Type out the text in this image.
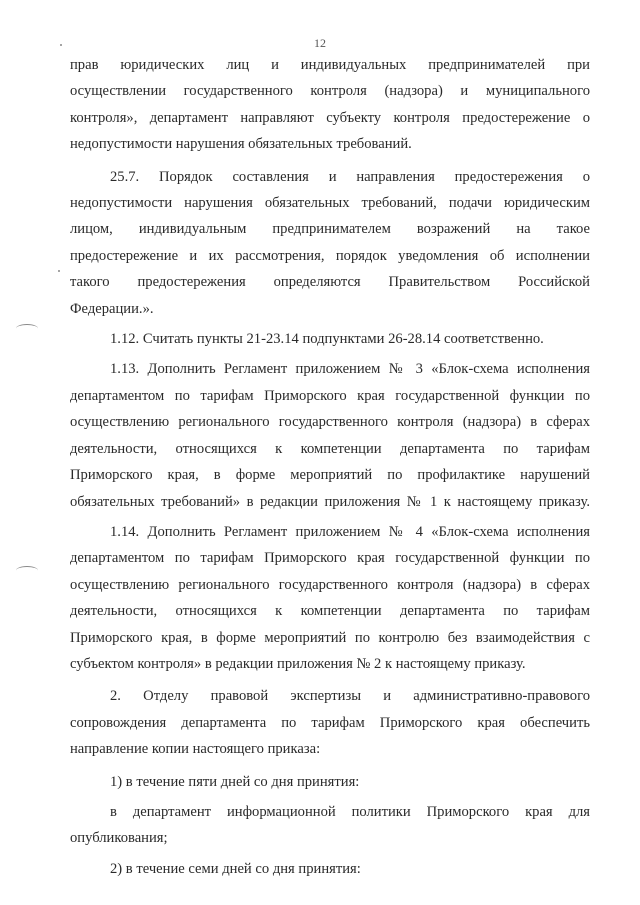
12

прав юридических лиц и индивидуальных предпринимателей при

осуществлении государственного контроля (надзора) и муниципального

контроля», департамент направляют субъекту контроля предостережение о

недопустимости нарушения обязательных требований.

25.7. Порядок составления и направления предостережения о

недопустимости нарушения обязательных требований, подачи юридическим

лицом, индивидуальным предпринимателем возражений на такое

предостережение и их рассмотрения, порядок уведомления об исполнении

такого предостережения определяются Правительством Российской

Федерации.».

1.12. Считать пункты 21-23.14 подпунктами 26-28.14 соответственно.

1.13. Дополнить Регламент приложением № 3 «Блок-схема исполнения

департаментом по тарифам Приморского края государственной функции по

осуществлению регионального государственного контроля (надзора) в сферах

деятельности, относящихся к компетенции департамента по тарифам

Приморского края, в форме мероприятий по профилактике нарушений

обязательных требований» в редакции приложения № 1 к настоящему приказу.

1.14. Дополнить Регламент приложением № 4 «Блок-схема исполнения

департаментом по тарифам Приморского края государственной функции по

осуществлению регионального государственного контроля (надзора) в сферах

деятельности, относящихся к компетенции департамента по тарифам

Приморского края, в форме мероприятий по контролю без взаимодействия с

субъектом контроля» в редакции приложения № 2 к настоящему приказу.

2. Отделу правовой экспертизы и административно-правового

сопровождения департамента по тарифам Приморского края обеспечить

направление копии настоящего приказа:

1) в течение пяти дней со дня принятия:

в департамент информационной политики Приморского края для

опубликования;

2) в течение семи дней со дня принятия:
